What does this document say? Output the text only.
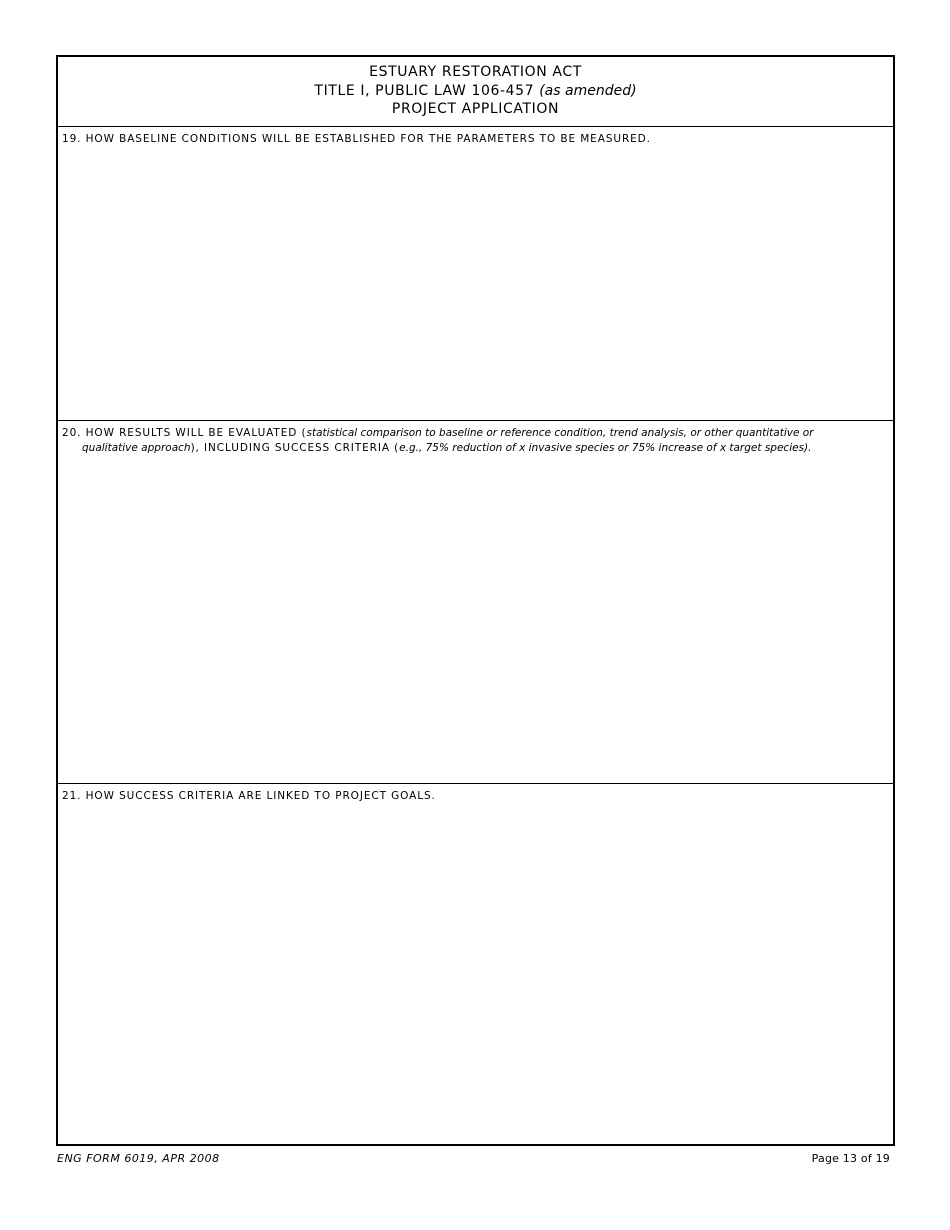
ESTUARY RESTORATION ACT
TITLE I, PUBLIC LAW 106-457 (as amended)
PROJECT APPLICATION
19. HOW BASELINE CONDITIONS WILL BE ESTABLISHED FOR THE PARAMETERS TO BE MEASURED.
20. HOW RESULTS WILL BE EVALUATED (statistical comparison to baseline or reference condition, trend analysis, or other quantitative or
qualitative approach), INCLUDING SUCCESS CRITERIA (e.g., 75% reduction of x invasive species or 75% increase of x target species).
21. HOW SUCCESS CRITERIA ARE LINKED TO PROJECT GOALS.
ENG FORM 6019, APR 2008	Page 13 of 19
